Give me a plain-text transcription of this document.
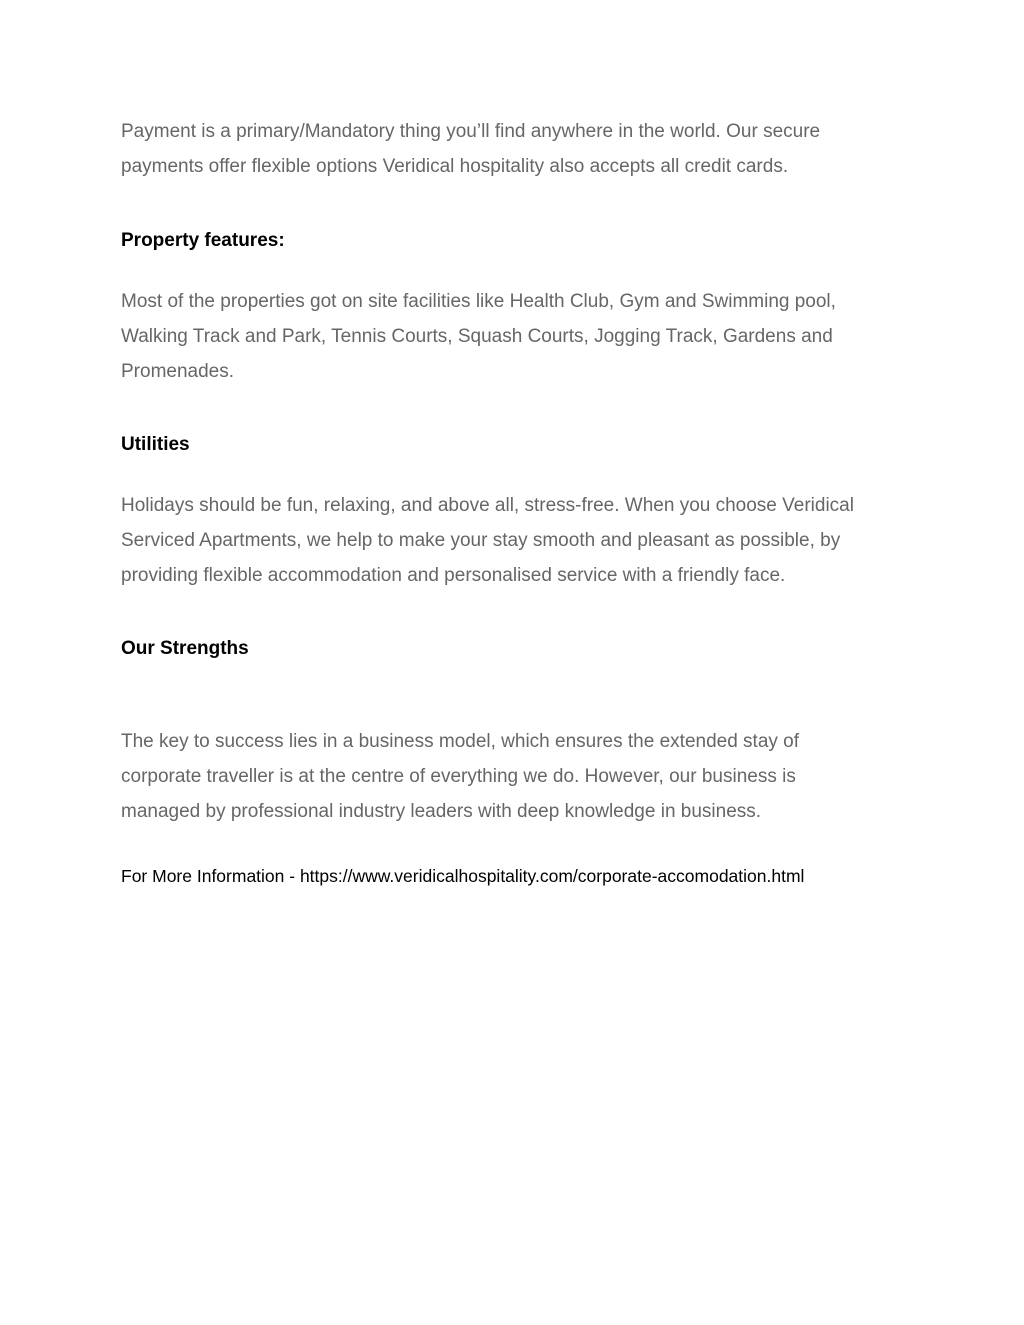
Payment is a primary/Mandatory thing you’ll find anywhere in the world. Our secure

payments offer flexible options Veridical hospitality also accepts all credit cards.

Property features:

Most of the properties got on site facilities like Health Club, Gym and Swimming pool,

Walking Track and Park, Tennis Courts, Squash Courts, Jogging Track, Gardens and

Promenades.

Utilities

Holidays should be fun, relaxing, and above all, stress-free. When you choose Veridical

Serviced Apartments, we help to make your stay smooth and pleasant as possible, by

providing flexible accommodation and personalised service with a friendly face.

Our Strengths

The key to success lies in a business model, which ensures the extended stay of

corporate traveller is at the centre of everything we do. However, our business is

managed by professional industry leaders with deep knowledge in business.

For More Information - https://www.veridicalhospitality.com/corporate-accomodation.html
